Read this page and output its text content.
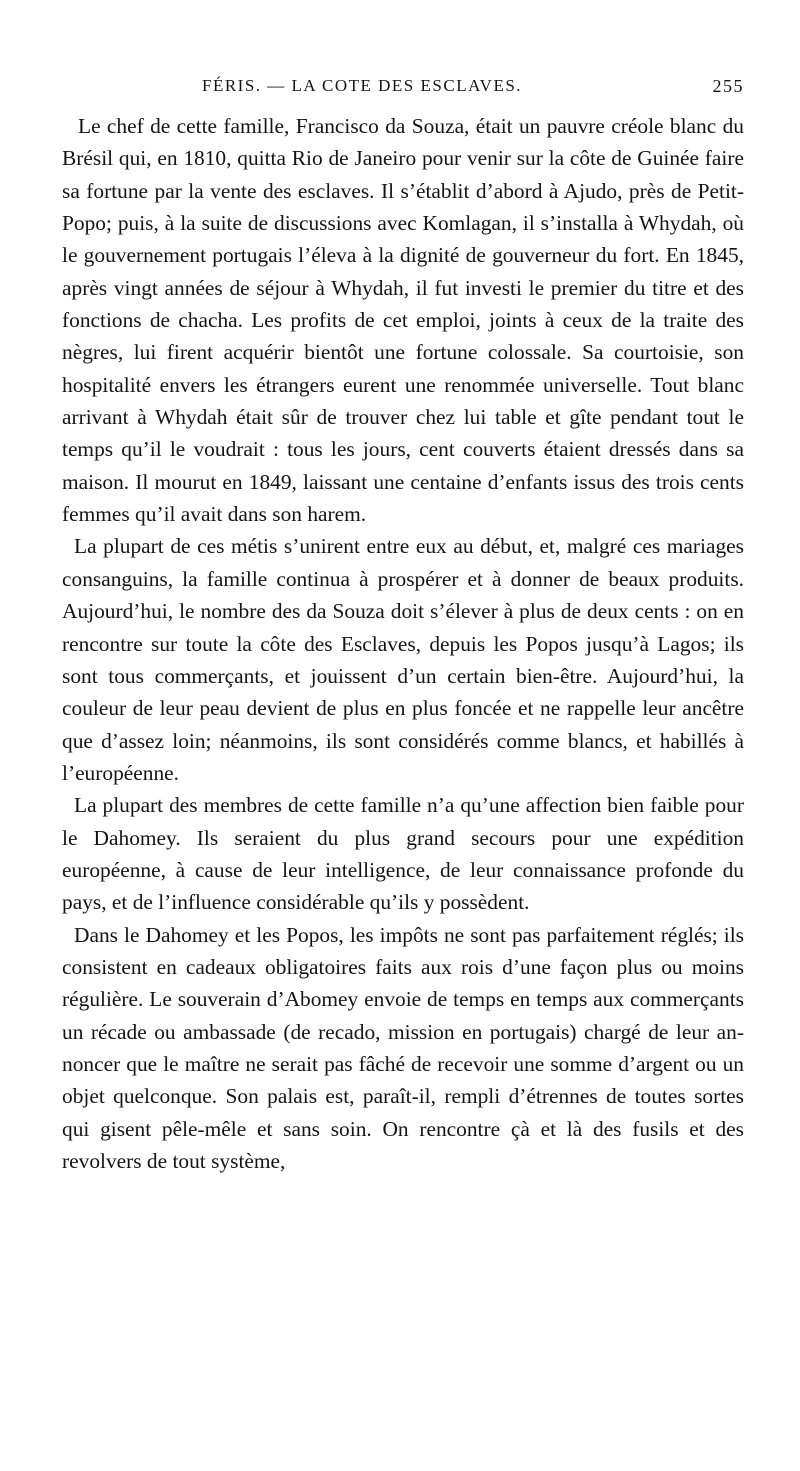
FÉRIS. — LA COTE DES ESCLAVES.	255

Le chef de cette famille, Francisco da Souza, était un pauvre créole blanc du Brésil qui, en 1810, quitta Rio de Janeiro pour venir sur la côte de Guinée faire sa fortune par la vente des esclaves. Il s’établit d’abord à Ajudo, près de Petit-Popo; puis, à la suite de discussions avec Komlagan, il s’installa à Whydah, où le gouvernement portugais l’éleva à la dignité de gouverneur du fort. En 1845, après vingt années de séjour à Whydah, il fut investi le premier du titre et des fonctions de chacha. Les profits de cet emploi, joints à ceux de la traite des nègres, lui firent acquérir bientôt une fortune colossale. Sa courtoisie, son hospitalité envers les étrangers eurent une renommée universelle. Tout blanc arrivant à Whydah était sûr de trouver chez lui table et gîte pendant tout le temps qu’il le voudrait : tous les jours, cent couverts étaient dressés dans sa maison. Il mourut en 1849, laissant une centaine d’enfants issus des trois cents femmes qu’il avait dans son harem.

La plupart de ces métis s’unirent entre eux au début, et, malgré ces mariages consanguins, la famille continua à prospérer et à donner de beaux produits. Aujourd’hui, le nombre des da Souza doit s’élever à plus de deux cents : on en rencontre sur toute la côte des Esclaves, depuis les Popos jusqu’à Lagos; ils sont tous commerçants, et jouissent d’un certain bien-être. Aujourd’hui, la couleur de leur peau devient de plus en plus foncée et ne rappelle leur ancêtre que d’assez loin; néanmoins, ils sont considérés comme blancs, et habillés à l’européenne.

La plupart des membres de cette famille n’a qu’une affection bien faible pour le Dahomey. Ils seraient du plus grand secours pour une expédition européenne, à cause de leur intelligence, de leur connaissance profonde du pays, et de l’influence considérable qu’ils y possèdent.

Dans le Dahomey et les Popos, les impôts ne sont pas parfaitement réglés; ils consistent en cadeaux obligatoires faits aux rois d’une façon plus ou moins régulière. Le souverain d’Abomey envoie de temps en temps aux commerçants un récade ou ambassade (de recado, mission en portugais) chargé de leur annoncer que le maître ne serait pas fâché de recevoir une somme d’argent ou un objet quelconque. Son palais est, paraît-il, rempli d’étrennes de toutes sortes qui gisent pêle-mêle et sans soin. On rencontre çà et là des fusils et des revolvers de tout système,
